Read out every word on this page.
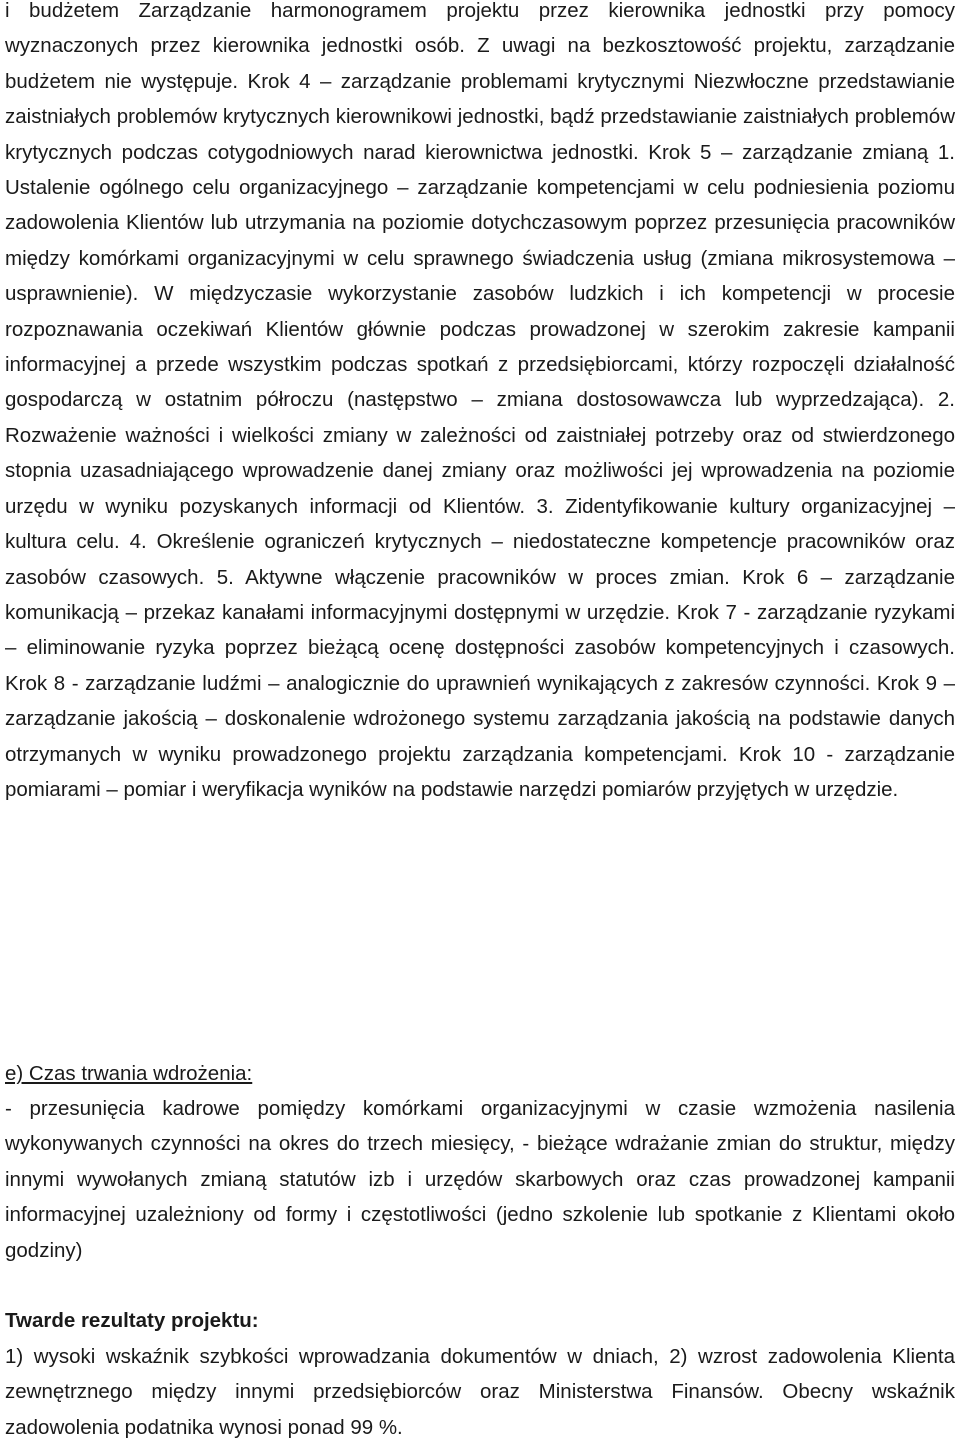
i budżetem Zarządzanie harmonogramem projektu przez kierownika jednostki przy pomocy wyznaczonych przez kierownika jednostki osób. Z uwagi na bezkosztowość projektu, zarządzanie budżetem nie występuje. Krok 4 – zarządzanie problemami krytycznymi Niezwłoczne przedstawianie zaistniałych problemów krytycznych kierownikowi jednostki, bądź przedstawianie zaistniałych problemów krytycznych podczas cotygodniowych narad kierownictwa jednostki. Krok 5 – zarządzanie zmianą 1. Ustalenie ogólnego celu organizacyjnego – zarządzanie kompetencjami w celu podniesienia poziomu zadowolenia Klientów lub utrzymania na poziomie dotychczasowym poprzez przesunięcia pracowników między komórkami organizacyjnymi w celu sprawnego świadczenia usług (zmiana mikrosystemowa – usprawnienie). W międzyczasie wykorzystanie zasobów ludzkich i ich kompetencji w procesie rozpoznawania oczekiwań Klientów głównie podczas prowadzonej w szerokim zakresie kampanii informacyjnej a przede wszystkim podczas spotkań z przedsiębiorcami, którzy rozpoczęli działalność gospodarczą w ostatnim półroczu (następstwo – zmiana dostosowawcza lub wyprzedzająca). 2. Rozważenie ważności i wielkości zmiany w zależności od zaistniałej potrzeby oraz od stwierdzonego stopnia uzasadniającego wprowadzenie danej zmiany oraz możliwości jej wprowadzenia na poziomie urzędu w wyniku pozyskanych informacji od Klientów. 3. Zidentyfikowanie kultury organizacyjnej – kultura celu. 4. Określenie ograniczeń krytycznych – niedostateczne kompetencje pracowników oraz zasobów czasowych. 5. Aktywne włączenie pracowników w proces zmian. Krok 6 – zarządzanie komunikacją – przekaz kanałami informacyjnymi dostępnymi w urzędzie. Krok 7 - zarządzanie ryzykami – eliminowanie ryzyka poprzez bieżącą ocenę dostępności zasobów kompetencyjnych i czasowych. Krok 8 - zarządzanie ludźmi – analogicznie do uprawnień wynikających z zakresów czynności. Krok 9 – zarządzanie jakością – doskonalenie wdrożonego systemu zarządzania jakością na podstawie danych otrzymanych w wyniku prowadzonego projektu zarządzania kompetencjami. Krok 10 - zarządzanie pomiarami – pomiar i weryfikacja wyników na podstawie narzędzi pomiarów przyjętych w urzędzie.

e) Czas trwania wdrożenia:

- przesunięcia kadrowe pomiędzy komórkami organizacyjnymi w czasie wzmożenia nasilenia wykonywanych czynności na okres do trzech miesięcy, - bieżące wdrażanie zmian do struktur, między innymi wywołanych zmianą statutów izb i urzędów skarbowych oraz czas prowadzonej kampanii informacyjnej uzależniony od formy i częstotliwości (jedno szkolenie lub spotkanie z Klientami około godziny)

Twarde rezultaty projektu:

1) wysoki wskaźnik szybkości wprowadzania dokumentów w dniach, 2) wzrost zadowolenia Klienta zewnętrznego między innymi przedsiębiorców oraz Ministerstwa Finansów. Obecny wskaźnik zadowolenia podatnika wynosi ponad 99 %.
